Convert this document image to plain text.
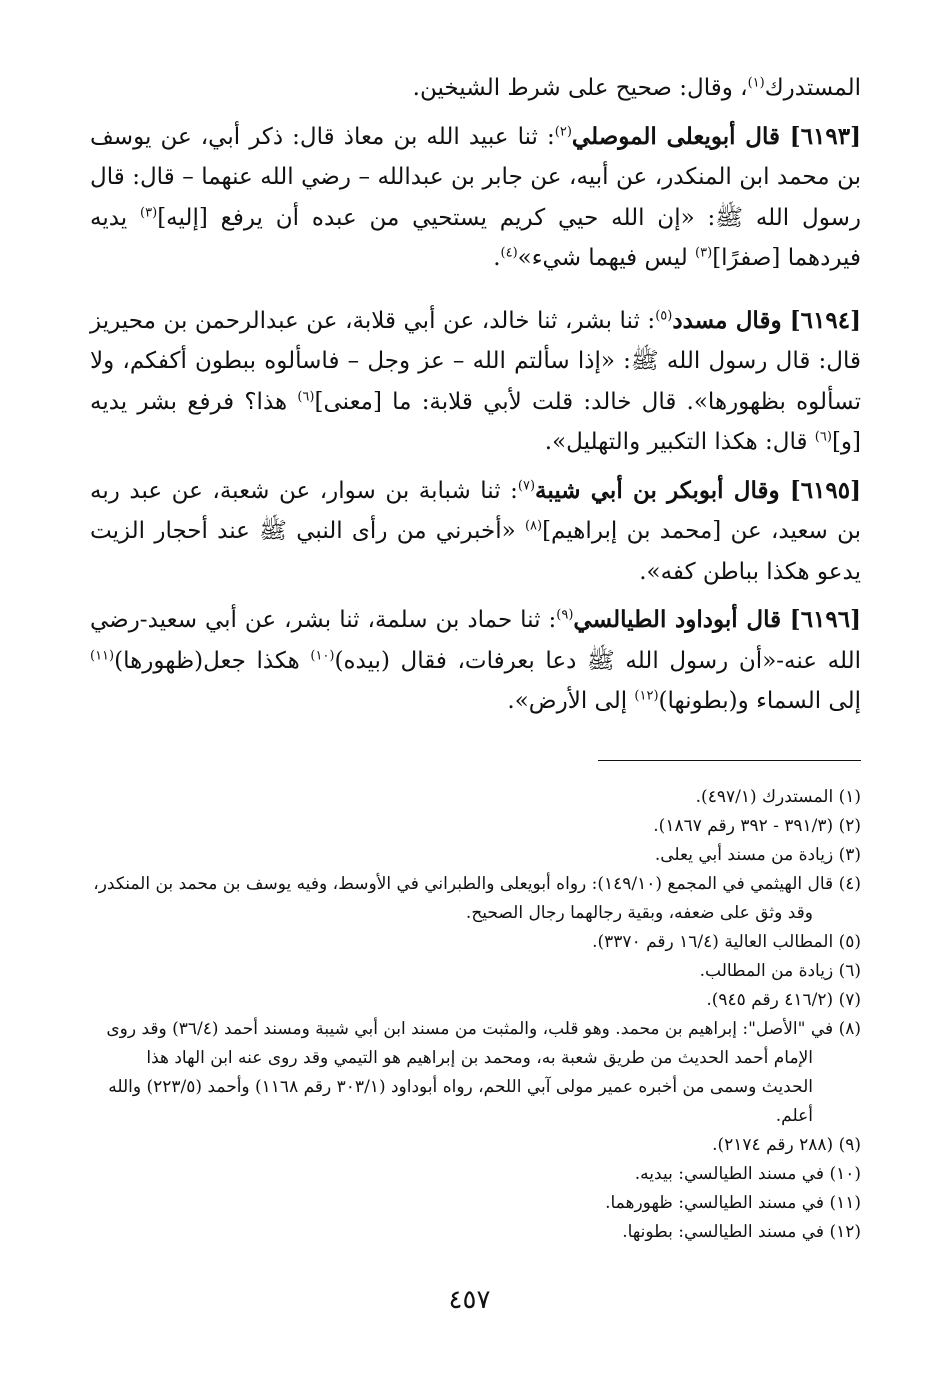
المستدرك$^{(١)}$، وقال: صحيح على شرط الشيخين.

[٦١٩٣] قال أبويعلى الموصلي$^{(٢)}$: ثنا عبيد الله بن معاذ قال: ذكر أبي، عن يوسف بن محمد ابن المنكدر، عن أبيه، عن جابر بن عبدالله – رضي الله عنهما – قال: قال رسول الله ﷺ: «إن الله حيي كريم يستحيي من عبده أن يرفع [إليه]$^{(٣)}$ يديه فيردهما [صفرًا]$^{(٣)}$ ليس فيهما شيء»$^{(٤)}$.

[٦١٩٤] وقال مسدد$^{(٥)}$: ثنا بشر، ثنا خالد، عن أبي قلابة، عن عبدالرحمن بن محيريز قال: قال رسول الله ﷺ: «إذا سألتم الله – عز وجل – فاسألوه ببطون أكفكم، ولا تسألوه بظهورها». قال خالد: قلت لأبي قلابة: ما [معنى]$^{(٦)}$ هذا؟ فرفع بشر يديه [و]$^{(٦)}$ قال: هكذا التكبير والتهليل».

[٦١٩٥] وقال أبوبكر بن أبي شيبة$^{(٧)}$: ثنا شبابة بن سوار، عن شعبة، عن عبد ربه بن سعيد، عن [محمد بن إبراهيم]$^{(٨)}$ «أخبرني من رأى النبي ﷺ عند أحجار الزيت يدعو هكذا بباطن كفه».

[٦١٩٦] قال أبوداود الطيالسي$^{(٩)}$: ثنا حماد بن سلمة، ثنا بشر، عن أبي سعيد-رضي الله عنه-«أن رسول الله ﷺ دعا بعرفات، فقال (بيده)$^{(١٠)}$ هكذا جعل(ظهورها)$^{(١١)}$ إلى السماء و(بطونها)$^{(١٢)}$ إلى الأرض».

(١) المستدرك (٤٩٧/١).

(٢) (٣٩١/٣ - ٣٩٢ رقم ١٨٦٧).

(٣) زيادة من مسند أبي يعلى.

(٤) قال الهيثمي في المجمع (١٤٩/١٠): رواه أبويعلى والطبراني في الأوسط، وفيه يوسف بن محمد بن المنكدر، وقد وثق على ضعفه، وبقية رجالهما رجال الصحيح.

(٥) المطالب العالية (١٦/٤ رقم ٣٣٧٠).

(٦) زيادة من المطالب.

(٧) (٤١٦/٢ رقم ٩٤٥).

(٨) في "الأصل": إبراهيم بن محمد. وهو قلب، والمثبت من مسند ابن أبي شيبة ومسند أحمد (٣٦/٤) وقد روى الإمام أحمد الحديث من طريق شعبة به، ومحمد بن إبراهيم هو التيمي وقد روى عنه ابن الهاد هذا الحديث وسمى من أخبره عمير مولى آبي اللحم، رواه أبوداود (٣٠٣/١ رقم ١١٦٨) وأحمد (٢٢٣/٥) والله أعلم.

(٩) (٢٨٨ رقم ٢١٧٤).

(١٠) في مسند الطيالسي: بيديه.

(١١) في مسند الطيالسي: ظهورهما.

(١٢) في مسند الطيالسي: بطونها.

٤٥٧
